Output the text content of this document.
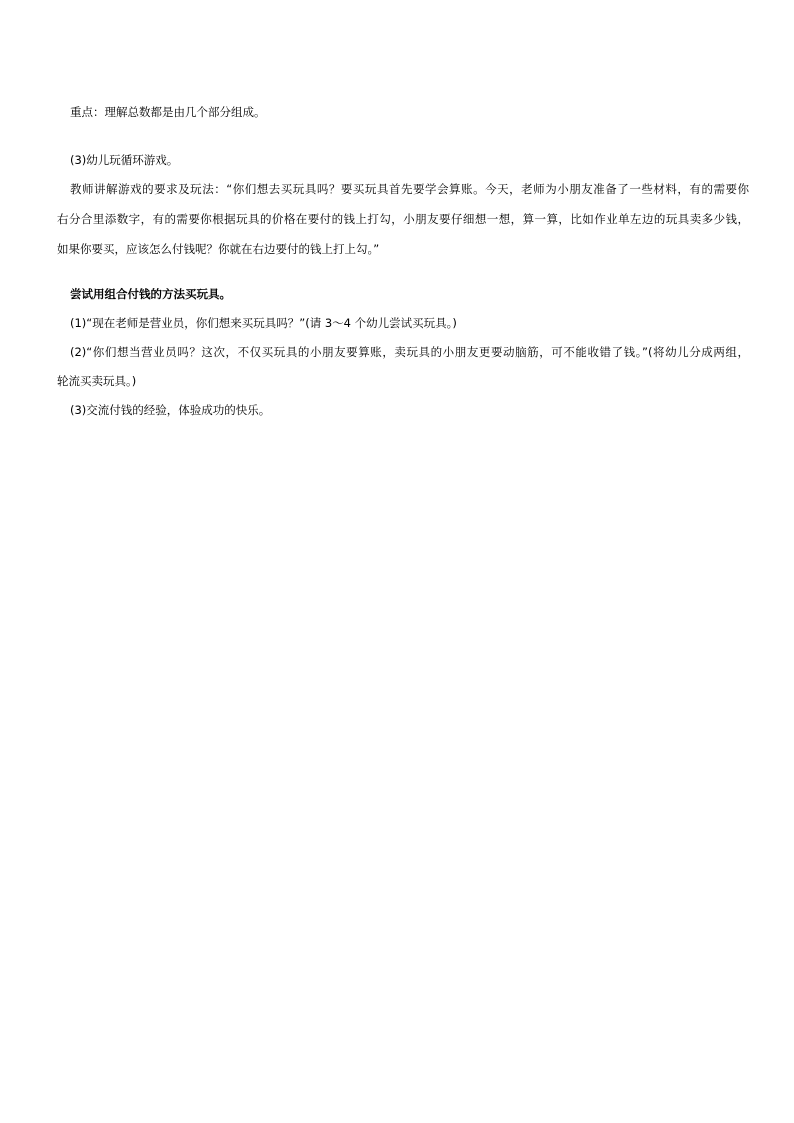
重点：理解总数都是由几个部分组成。
(3)幼儿玩循环游戏。
教师讲解游戏的要求及玩法：“你们想去买玩具吗？要买玩具首先要学会算账。今天，老师为小朋友准备了一些材料，有的需要你
右分合里添数字，有的需要你根据玩具的价格在要付的钱上打勾，小朋友要仔细想一想，算一算，比如作业单左边的玩具卖多少钱，
如果你要买，应该怎么付钱呢？你就在右边要付的钱上打上勾。”
尝试用组合付钱的方法买玩具。
(1)“现在老师是营业员，你们想来买玩具吗？”(请 3～4 个幼儿尝试买玩具。)
(2)“你们想当营业员吗？这次，不仅买玩具的小朋友要算账，卖玩具的小朋友更要动脑筋，可不能收错了钱。”(将幼儿分成两组，
轮流买卖玩具。)
(3)交流付钱的经验，体验成功的快乐。
